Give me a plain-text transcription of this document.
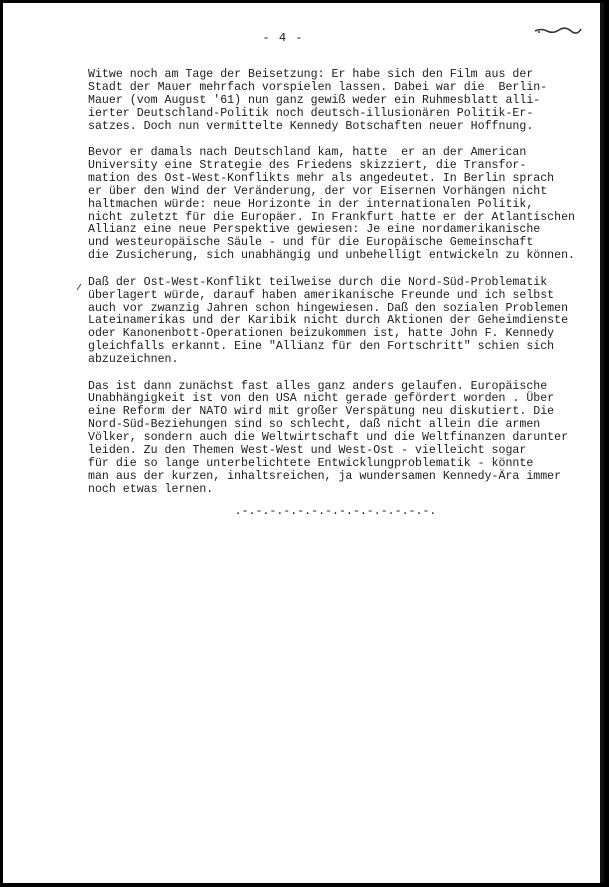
- 4 -
Witwe noch am Tage der Beisetzung: Er habe sich den Film aus der
Stadt der Mauer mehrfach vorspielen lassen. Dabei war die  Berlin-
Mauer (vom August '61) nun ganz gewiß weder ein Ruhmesblatt alli-
ierter Deutschland-Politik noch deutsch-illusionären Politik-Er-
satzes. Doch nun vermittelte Kennedy Botschaften neuer Hoffnung.
Bevor er damals nach Deutschland kam, hatte  er an der American
University eine Strategie des Friedens skizziert, die Transfor-
mation des Ost-West-Konflikts mehr als angedeutet. In Berlin sprach
er über den Wind der Veränderung, der vor Eisernen Vorhängen nicht
haltmachen würde: neue Horizonte in der internationalen Politik,
nicht zuletzt für die Europäer. In Frankfurt hatte er der Atlantischen
Allianz eine neue Perspektive gewiesen: Je eine nordamerikanische
und westeuropäische Säule - und für die Europäische Gemeinschaft
die Zusicherung, sich unabhängig und unbehelligt entwickeln zu können.
Daß der Ost-West-Konflikt teilweise durch die Nord-Süd-Problematik
überlagert würde, darauf haben amerikanische Freunde und ich selbst
auch vor zwanzig Jahren schon hingewiesen. Daß den sozialen Problemen
Lateinamerikas und der Karibik nicht durch Aktionen der Geheimdienste
oder Kanonenbott-Operationen beizukommen ist, hatte John F. Kennedy
gleichfalls erkannt. Eine "Allianz für den Fortschritt" schien sich
abzuzeichnen.
Das ist dann zunächst fast alles ganz anders gelaufen. Europäische
Unabhängigkeit ist von den USA nicht gerade gefördert worden . Über
eine Reform der NATO wird mit großer Verspätung neu diskutiert. Die
Nord-Süd-Beziehungen sind so schlecht, daß nicht allein die armen
Völker, sondern auch die Weltwirtschaft und die Weltfinanzen darunter
leiden. Zu den Themen West-West und West-Ost - vielleicht sogar
für die so lange unterbelichtete Entwicklungproblematik - könnte
man aus der kurzen, inhaltsreichen, ja wundersamen Kennedy-Ära immer
noch etwas lernen.
.-.-.-.-.-.-.-.-.-.-.-.-.-.-.
